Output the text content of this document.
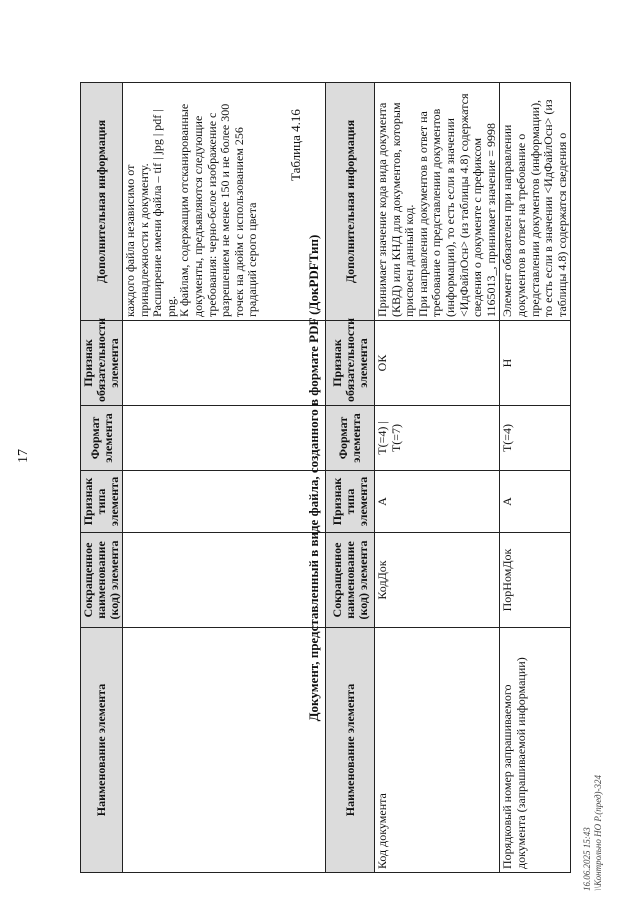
17
Наименование элемента	Сокращенное наименование (код) элемента	Признак типа элемента	Формат элемента	Признак обязательности элемента	Дополнительная информация

					каждого файла независимо от принадлежности к документу. Расширение имени файла – tif | jpg | pdf | png. К файлам, содержащим отсканированные документы, предъявляются следующие требования: черно-белое изображение с разрешением не менее 150 и не более 300 точек на дюйм с использованием 256 градаций серого цвета

Таблица 4.16
Документ, представленный в виде файла, созданного в формате PDF (ДокPDFТип)
Наименование элемента	Сокращенное наименование (код) элемента	Признак типа элемента	Формат элемента	Признак обязательности элемента	Дополнительная информация
Код документа	КодДок	А	T(=4) | T(=7)	ОК	Принимает значение кода вида документа (КВД) или КНД для документов, которым присвоен данный код. При направлении документов в ответ на требование о представлении документов (информации), то есть если в значении <ИдФайлОсн> (из таблицы 4.8) содержатся сведения о документе с префиксом 1165013_, принимает значение = 9998

Порядковый номер запрашиваемого документа (запрашиваемой информации)	ПорНомДок	А	T(=4)	Н	Элемент обязателен при направлении документов в ответ на требование о представлении документов (информации), то есть если в значении <ИдФайлОсн> (из таблицы 4.8) содержатся сведения о

16.06.2025 15:43 \\Контрольно НО Р.(пред)-324
